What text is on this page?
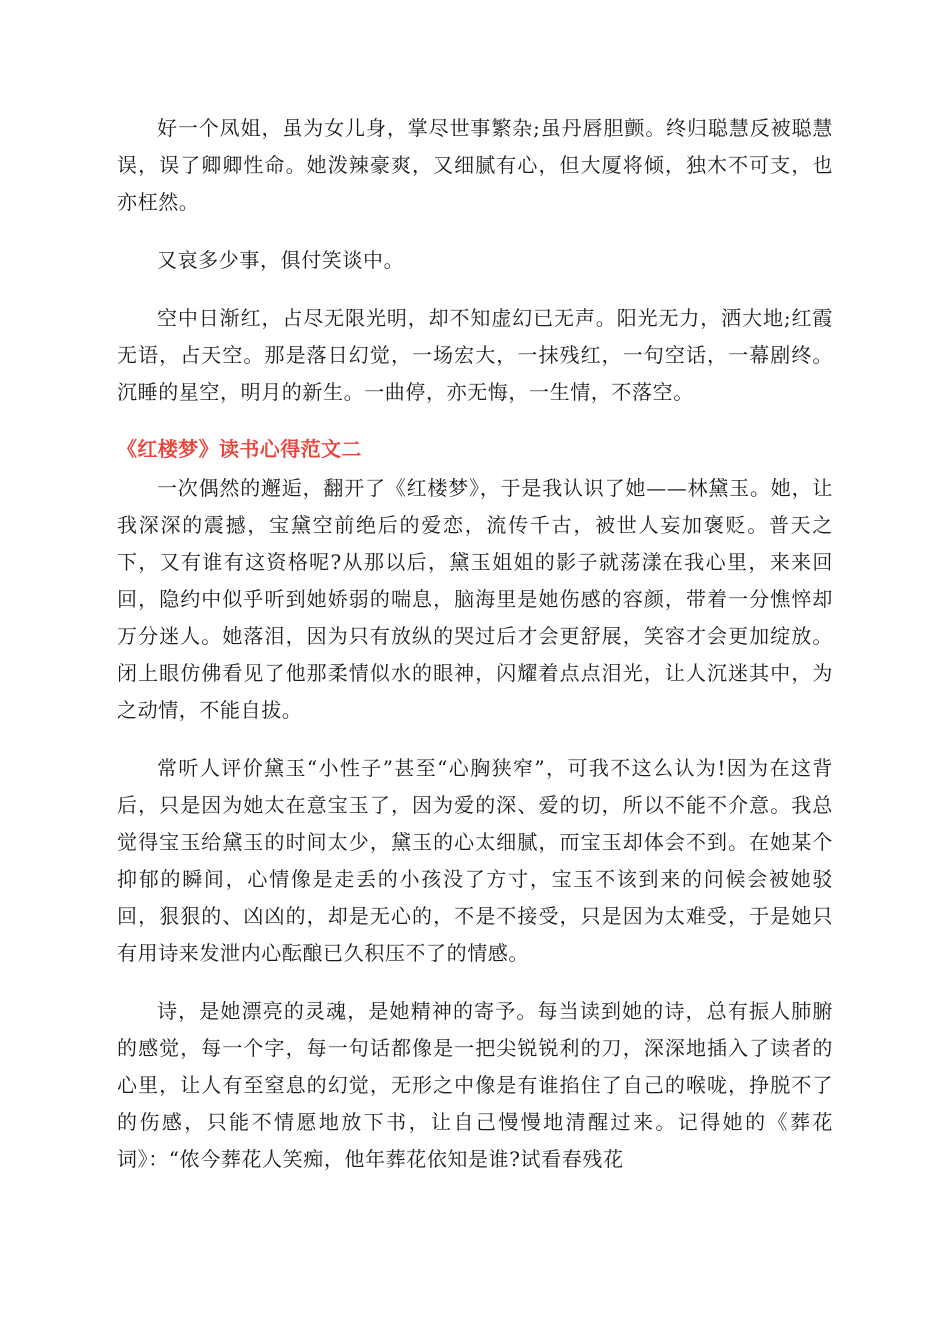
好一个凤姐，虽为女儿身，掌尽世事繁杂;虽丹唇胆颤。终归聪慧反被聪慧误，误了卿卿性命。她泼辣豪爽，又细腻有心，但大厦将倾，独木不可支，也亦枉然。

又哀多少事，俱付笑谈中。

空中日渐红，占尽无限光明，却不知虚幻已无声。阳光无力，洒大地;红霞无语，占天空。那是落日幻觉，一场宏大，一抹残红，一句空话，一幕剧终。沉睡的星空，明月的新生。一曲停，亦无悔，一生情，不落空。

《红楼梦》读书心得范文二

一次偶然的邂逅，翻开了《红楼梦》，于是我认识了她——林黛玉。她，让我深深的震撼，宝黛空前绝后的爱恋，流传千古，被世人妄加褒贬。普天之下，又有谁有这资格呢?从那以后，黛玉姐姐的影子就荡漾在我心里，来来回回，隐约中似乎听到她娇弱的喘息，脑海里是她伤感的容颜，带着一分憔悴却万分迷人。她落泪，因为只有放纵的哭过后才会更舒展，笑容才会更加绽放。闭上眼仿佛看见了他那柔情似水的眼神，闪耀着点点泪光，让人沉迷其中，为之动情，不能自拔。

常听人评价黛玉“小性子”甚至“心胸狭窄”，可我不这么认为!因为在这背后，只是因为她太在意宝玉了，因为爱的深、爱的切，所以不能不介意。我总觉得宝玉给黛玉的时间太少，黛玉的心太细腻，而宝玉却体会不到。在她某个抑郁的瞬间，心情像是走丢的小孩没了方寸，宝玉不该到来的问候会被她驳回，狠狠的、凶凶的，却是无心的，不是不接受，只是因为太难受，于是她只有用诗来发泄内心酝酿已久积压不了的情感。

诗，是她漂亮的灵魂，是她精神的寄予。每当读到她的诗，总有振人肺腑的感觉，每一个字，每一句话都像是一把尖锐锐利的刀，深深地插入了读者的心里，让人有至窒息的幻觉，无形之中像是有谁掐住了自己的喉咙，挣脱不了的伤感，只能不情愿地放下书，让自己慢慢地清醒过来。记得她的《葬花词》：“侬今葬花人笑痴，他年葬花依知是谁?试看春残花
